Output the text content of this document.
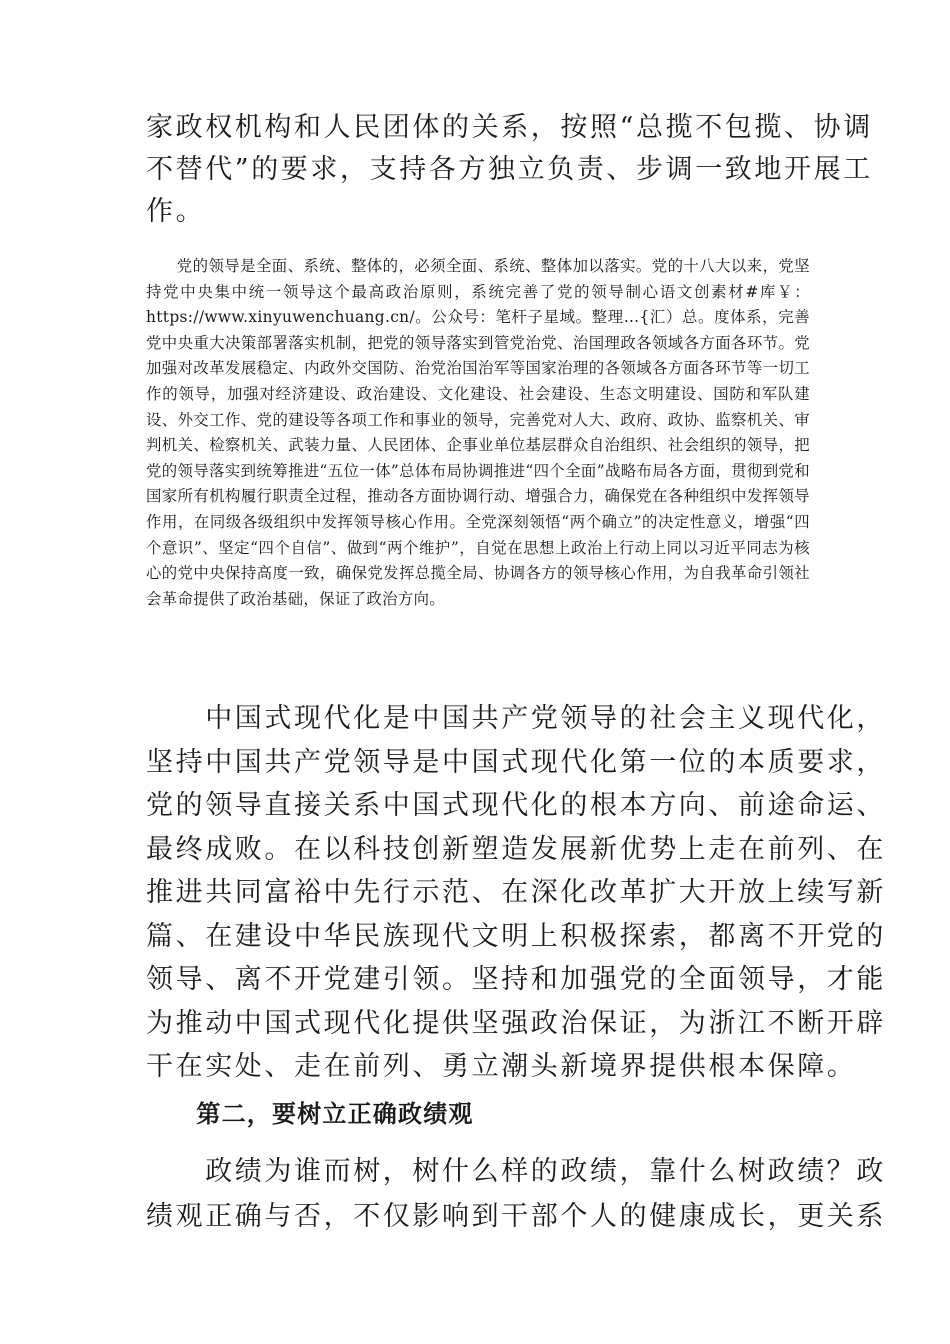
家政权机构和人民团体的关系，按照“总揽不包揽、协调
不替代”的要求，支持各方独立负责、步调一致地开展工
作。

党的领导是全面、系统、整体的，必须全面、系统、整体加以落实。党的十八大以来，党坚持党中央集中统一领导这个最高政治原则，系统完善了党的领导制心语文创素材#库￥：https://www.xinyuwenchuang.cn/。公众号：笔杆子星域。整理…{汇）总。度体系，完善党中央重大决策部署落实机制，把党的领导落实到管党治党、治国理政各领域各方面各环节。党加强对改革发展稳定、内政外交国防、治党治国治军等国家治理的各领域各方面各环节等一切工作的领导，加强对经济建设、政治建设、文化建设、社会建设、生态文明建设、国防和军队建设、外交工作、党的建设等各项工作和事业的领导，完善党对人大、政府、政协、监察机关、审判机关、检察机关、武装力量、人民团体、企事业单位基层群众自治组织、社会组织的领导，把党的领导落实到统筹推进“五位一体”总体布局协调推进“四个全面”战略布局各方面，贯彻到党和国家所有机构履行职责全过程，推动各方面协调行动、增强合力，确保党在各种组织中发挥领导作用，在同级各级组织中发挥领导核心作用。全党深刻领悟“两个确立”的决定性意义，增强“四个意识”、坚定“四个自信”、做到“两个维护”，自觉在思想上政治上行动上同以习近平同志为核心的党中央保持高度一致，确保党发挥总揽全局、协调各方的领导核心作用，为自我革命引领社会革命提供了政治基础，保证了政治方向。

　　中国式现代化是中国共产党领导的社会主义现代化，
坚持中国共产党领导是中国式现代化第一位的本质要求，
党的领导直接关系中国式现代化的根本方向、前途命运、
最终成败。在以科技创新塑造发展新优势上走在前列、在
推进共同富裕中先行示范、在深化改革扩大开放上续写新
篇、在建设中华民族现代文明上积极探索，都离不开党的
领导、离不开党建引领。坚持和加强党的全面领导，才能
为推动中国式现代化提供坚强政治保证，为浙江不断开辟
干在实处、走在前列、勇立潮头新境界提供根本保障。
　　第二，要树立正确政绩观
　　政绩为谁而树，树什么样的政绩，靠什么树政绩？政
绩观正确与否，不仅影响到干部个人的健康成长，更关系
